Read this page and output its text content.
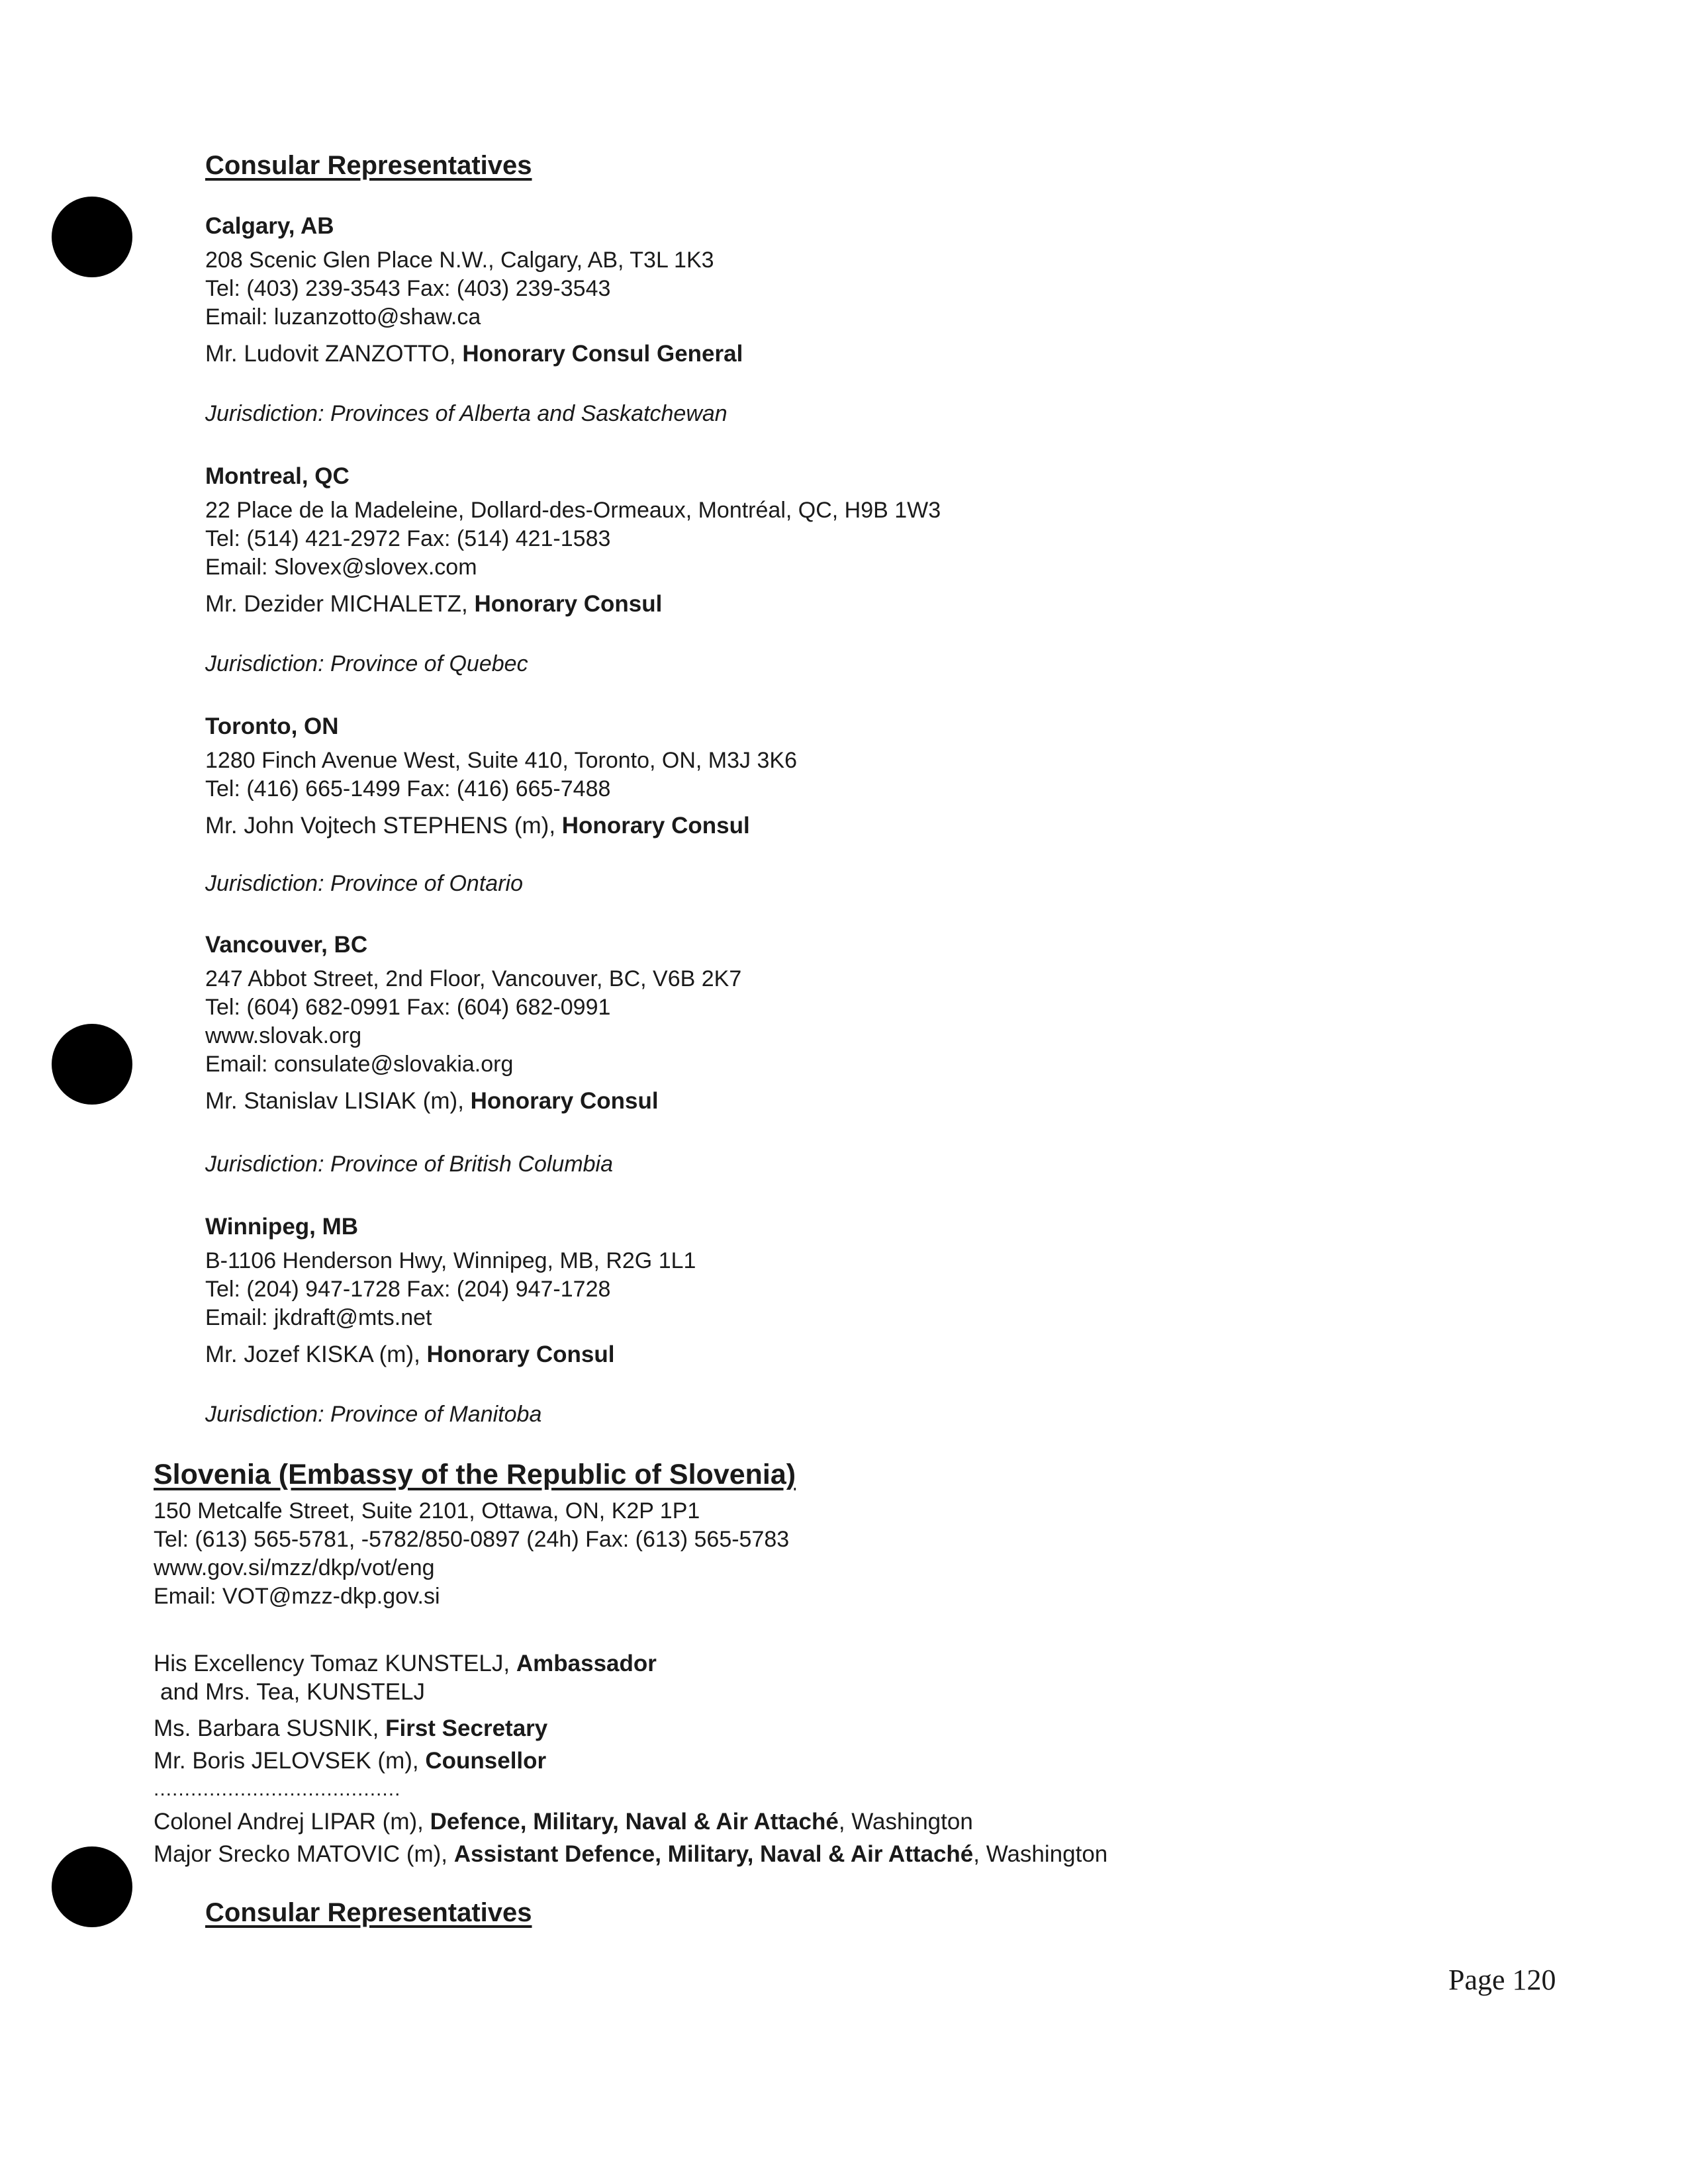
Consular Representatives
Calgary, AB
208 Scenic Glen Place N.W., Calgary, AB, T3L 1K3
Tel: (403) 239-3543 Fax: (403) 239-3543
Email: luzanzotto@shaw.ca
Mr. Ludovit ZANZOTTO, Honorary Consul General
Jurisdiction: Provinces of Alberta and Saskatchewan
Montreal, QC
22 Place de la Madeleine, Dollard-des-Ormeaux, Montréal, QC, H9B 1W3
Tel: (514) 421-2972 Fax: (514) 421-1583
Email: Slovex@slovex.com
Mr. Dezider MICHALETZ, Honorary Consul
Jurisdiction: Province of Quebec
Toronto, ON
1280 Finch Avenue West, Suite 410, Toronto, ON, M3J 3K6
Tel: (416) 665-1499 Fax: (416) 665-7488
Mr. John Vojtech STEPHENS (m), Honorary Consul
Jurisdiction: Province of Ontario
Vancouver, BC
247 Abbot Street, 2nd Floor, Vancouver, BC, V6B 2K7
Tel: (604) 682-0991 Fax: (604) 682-0991
www.slovak.org
Email: consulate@slovakia.org
Mr. Stanislav LISIAK (m), Honorary Consul
Jurisdiction: Province of British Columbia
Winnipeg, MB
B-1106 Henderson Hwy, Winnipeg, MB, R2G 1L1
Tel: (204) 947-1728 Fax: (204) 947-1728
Email: jkdraft@mts.net
Mr. Jozef KISKA (m), Honorary Consul
Jurisdiction: Province of Manitoba
Slovenia (Embassy of the Republic of Slovenia)
150 Metcalfe Street, Suite 2101, Ottawa, ON, K2P 1P1
Tel: (613) 565-5781, -5782/850-0897 (24h) Fax: (613) 565-5783
www.gov.si/mzz/dkp/vot/eng
Email: VOT@mzz-dkp.gov.si
His Excellency Tomaz KUNSTELJ, Ambassador
and Mrs. Tea, KUNSTELJ
Ms. Barbara SUSNIK, First Secretary
Mr. Boris JELOVSEK (m), Counsellor
........................................
Colonel Andrej LIPAR (m), Defence, Military, Naval & Air Attaché, Washington
Major Srecko MATOVIC (m), Assistant Defence, Military, Naval & Air Attaché, Washington
Consular Representatives
Page 120
